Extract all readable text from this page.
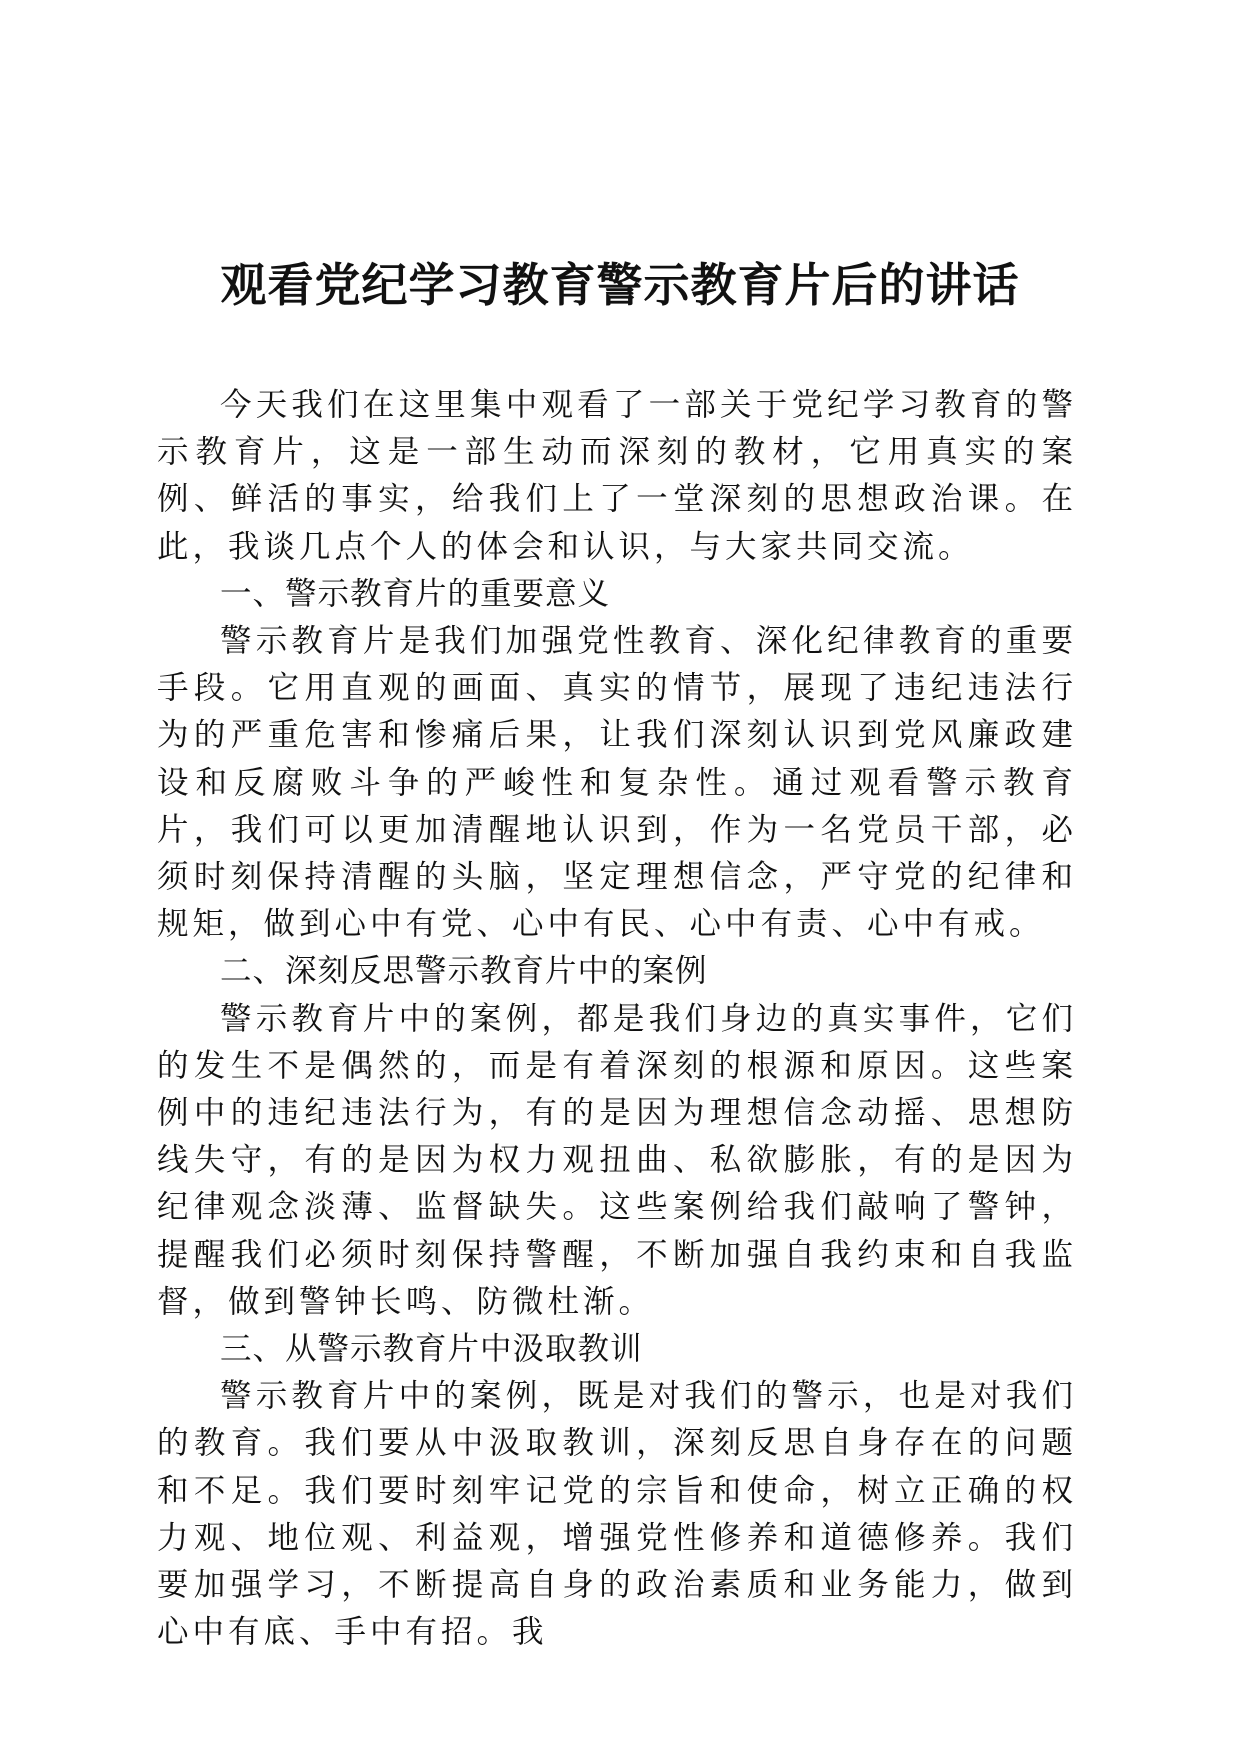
观看党纪学习教育警示教育片后的讲话

今天我们在这里集中观看了一部关于党纪学习教育的警示教育片，这是一部生动而深刻的教材，它用真实的案例、鲜活的事实，给我们上了一堂深刻的思想政治课。在此，我谈几点个人的体会和认识，与大家共同交流。

一、警示教育片的重要意义

警示教育片是我们加强党性教育、深化纪律教育的重要手段。它用直观的画面、真实的情节，展现了违纪违法行为的严重危害和惨痛后果，让我们深刻认识到党风廉政建设和反腐败斗争的严峻性和复杂性。通过观看警示教育片，我们可以更加清醒地认识到，作为一名党员干部，必须时刻保持清醒的头脑，坚定理想信念，严守党的纪律和规矩，做到心中有党、心中有民、心中有责、心中有戒。

二、深刻反思警示教育片中的案例

警示教育片中的案例，都是我们身边的真实事件，它们的发生不是偶然的，而是有着深刻的根源和原因。这些案例中的违纪违法行为，有的是因为理想信念动摇、思想防线失守，有的是因为权力观扭曲、私欲膨胀，有的是因为纪律观念淡薄、监督缺失。这些案例给我们敲响了警钟，提醒我们必须时刻保持警醒，不断加强自我约束和自我监督，做到警钟长鸣、防微杜渐。

三、从警示教育片中汲取教训

警示教育片中的案例，既是对我们的警示，也是对我们的教育。我们要从中汲取教训，深刻反思自身存在的问题和不足。我们要时刻牢记党的宗旨和使命，树立正确的权力观、地位观、利益观，增强党性修养和道德修养。我们要加强学习，不断提高自身的政治素质和业务能力，做到心中有底、手中有招。我
